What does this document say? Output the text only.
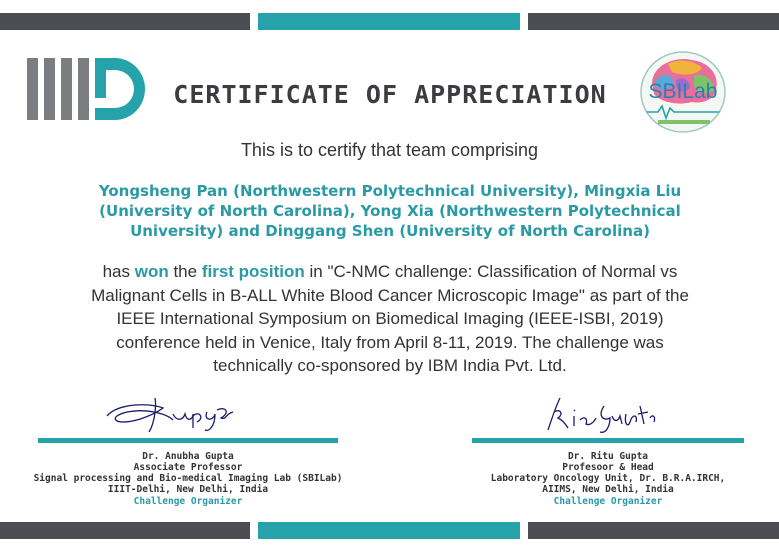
CERTIFICATE OF APPRECIATION	SBILab
This is to certify that team comprising
Yongsheng Pan (Northwestern Polytechnical University), Mingxia Liu (University of North Carolina), Yong Xia (Northwestern Polytechnical University) and Dinggang Shen (University of North Carolina)
has won the first position in "C-NMC challenge: Classification of Normal vs Malignant Cells in B-ALL White Blood Cancer Microscopic Image" as part of the IEEE International Symposium on Biomedical Imaging (IEEE-ISBI, 2019) conference held in Venice, Italy from April 8-11, 2019. The challenge was technically co-sponsored by IBM India Pvt. Ltd.
Dr. Anubha Gupta
Associate Professor
Signal processing and Bio-medical Imaging Lab (SBILab)
IIIT-Delhi, New Delhi, India
Challenge Organizer
Dr. Ritu Gupta
Profesoor & Head
Laboratory Oncology Unit, Dr. B.R.A.IRCH,
AIIMS, New Delhi, India
Challenge Organizer
